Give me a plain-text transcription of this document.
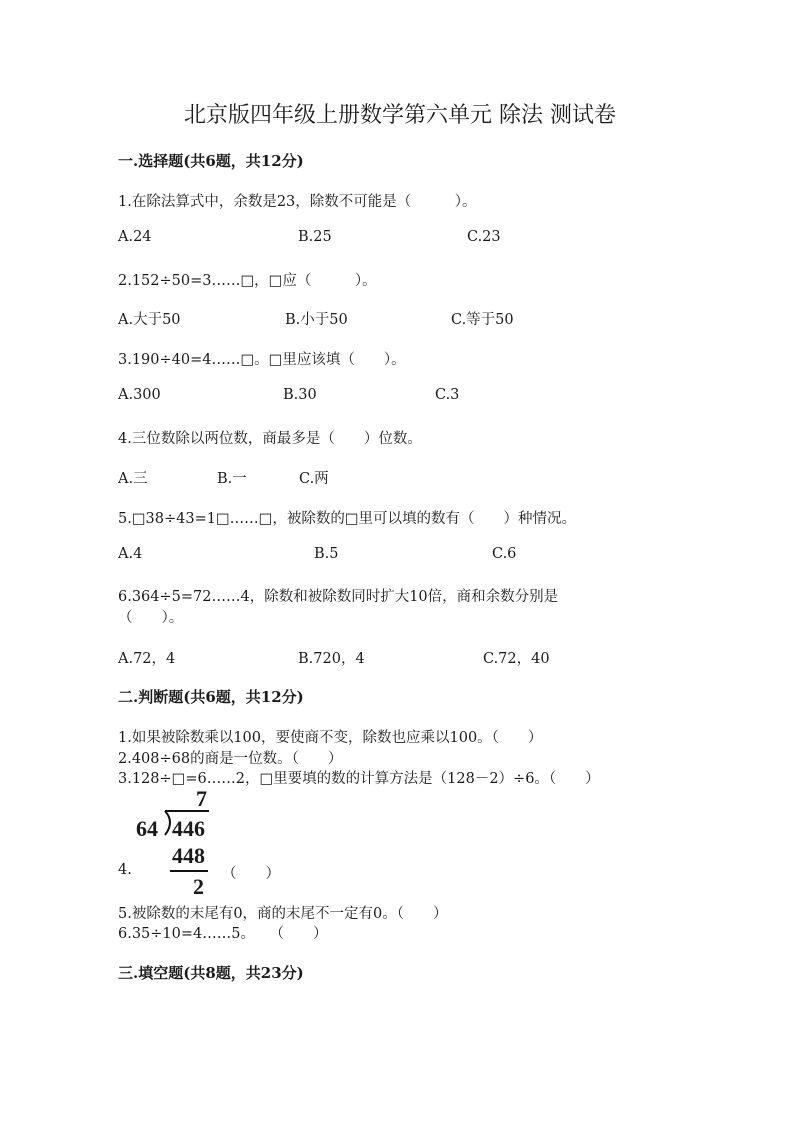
北京版四年级上册数学第六单元 除法 测试卷
一.选择题(共6题，共12分)
1.在除法算式中，余数是23，除数不可能是（　　　）。
A.24	B.25	C.23
2.152÷50=3……□，□应（　　　）。
A.大于50	B.小于50	C.等于50
3.190÷40=4……□。□里应该填（　　）。
A.300	B.30	C.3
4.三位数除以两位数，商最多是（　　）位数。
A.三	B.一	C.两
5.□38÷43=1□……□，被除数的□里可以填的数有（　　）种情况。
A.4	B.5	C.6
6.364÷5=72……4，除数和被除数同时扩大10倍，商和余数分别是
（　　）。
A.72，4	B.720，4	C.72，40
二.判断题(共6题，共12分)
1.如果被除数乘以100，要使商不变，除数也应乘以100。（　　）
2.408÷68的商是一位数。（　　）
3.128÷□=6……2，□里要填的数的计算方法是（128－2）÷6。（　　）
7
64 446
4.
448
2 （　　）
5.被除数的末尾有0，商的末尾不一定有0。（　　）
6.35÷10=4……5。　　（　　）
三.填空题(共8题，共23分)
